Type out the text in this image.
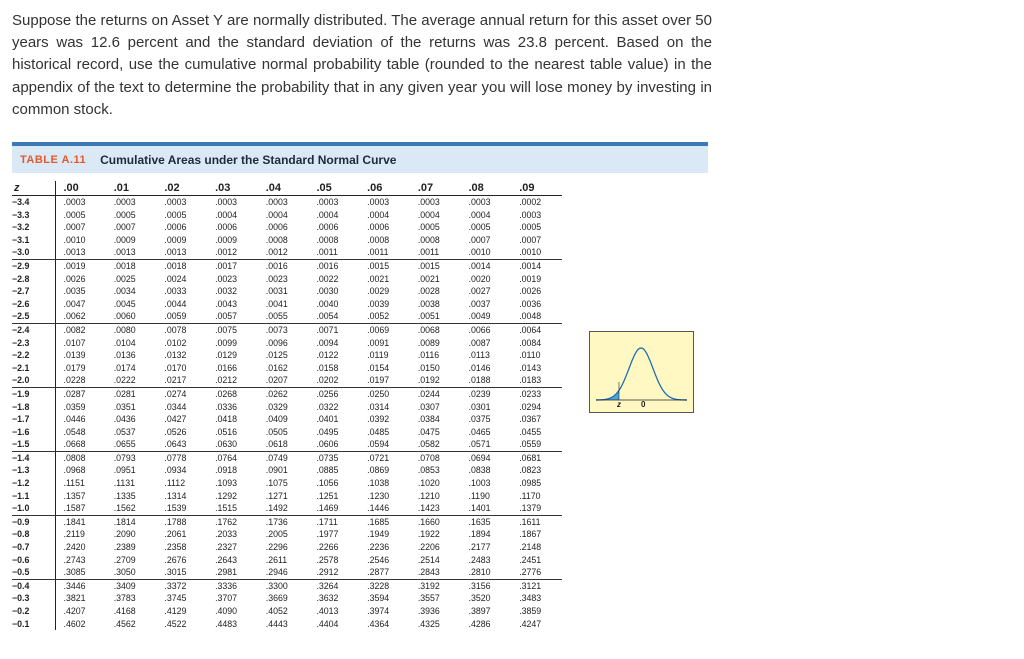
Suppose the returns on Asset Y are normally distributed. The average annual return for this asset over 50 years was 12.6 percent and the standard deviation of the returns was 23.8 percent. Based on the historical record, use the cumulative normal probability table (rounded to the nearest table value) in the appendix of the text to determine the probability that in any given year you will lose money by investing in common stock.
TABLE A.11 Cumulative Areas under the Standard Normal Curve
z	.00	.01	.02	.03	.04	.05	.06	.07	.08	.09
−3.4	.0003	.0003	.0003	.0003	.0003	.0003	.0003	.0003	.0003	.0002
−3.3	.0005	.0005	.0005	.0004	.0004	.0004	.0004	.0004	.0004	.0003
−3.2	.0007	.0007	.0006	.0006	.0006	.0006	.0006	.0005	.0005	.0005
−3.1	.0010	.0009	.0009	.0009	.0008	.0008	.0008	.0008	.0007	.0007
−3.0	.0013	.0013	.0013	.0012	.0012	.0011	.0011	.0011	.0010	.0010
−2.9	.0019	.0018	.0018	.0017	.0016	.0016	.0015	.0015	.0014	.0014
−2.8	.0026	.0025	.0024	.0023	.0023	.0022	.0021	.0021	.0020	.0019
−2.7	.0035	.0034	.0033	.0032	.0031	.0030	.0029	.0028	.0027	.0026
−2.6	.0047	.0045	.0044	.0043	.0041	.0040	.0039	.0038	.0037	.0036
−2.5	.0062	.0060	.0059	.0057	.0055	.0054	.0052	.0051	.0049	.0048
−2.4	.0082	.0080	.0078	.0075	.0073	.0071	.0069	.0068	.0066	.0064
−2.3	.0107	.0104	.0102	.0099	.0096	.0094	.0091	.0089	.0087	.0084
−2.2	.0139	.0136	.0132	.0129	.0125	.0122	.0119	.0116	.0113	.0110
−2.1	.0179	.0174	.0170	.0166	.0162	.0158	.0154	.0150	.0146	.0143
−2.0	.0228	.0222	.0217	.0212	.0207	.0202	.0197	.0192	.0188	.0183
−1.9	.0287	.0281	.0274	.0268	.0262	.0256	.0250	.0244	.0239	.0233
−1.8	.0359	.0351	.0344	.0336	.0329	.0322	.0314	.0307	.0301	.0294
−1.7	.0446	.0436	.0427	.0418	.0409	.0401	.0392	.0384	.0375	.0367
−1.6	.0548	.0537	.0526	.0516	.0505	.0495	.0485	.0475	.0465	.0455
−1.5	.0668	.0655	.0643	.0630	.0618	.0606	.0594	.0582	.0571	.0559
−1.4	.0808	.0793	.0778	.0764	.0749	.0735	.0721	.0708	.0694	.0681
−1.3	.0968	.0951	.0934	.0918	.0901	.0885	.0869	.0853	.0838	.0823
−1.2	.1151	.1131	.1112	.1093	.1075	.1056	.1038	.1020	.1003	.0985
−1.1	.1357	.1335	.1314	.1292	.1271	.1251	.1230	.1210	.1190	.1170
−1.0	.1587	.1562	.1539	.1515	.1492	.1469	.1446	.1423	.1401	.1379
−0.9	.1841	.1814	.1788	.1762	.1736	.1711	.1685	.1660	.1635	.1611
−0.8	.2119	.2090	.2061	.2033	.2005	.1977	.1949	.1922	.1894	.1867
−0.7	.2420	.2389	.2358	.2327	.2296	.2266	.2236	.2206	.2177	.2148
−0.6	.2743	.2709	.2676	.2643	.2611	.2578	.2546	.2514	.2483	.2451
−0.5	.3085	.3050	.3015	.2981	.2946	.2912	.2877	.2843	.2810	.2776
−0.4	.3446	.3409	.3372	.3336	.3300	.3264	.3228	.3192	.3156	.3121
−0.3	.3821	.3783	.3745	.3707	.3669	.3632	.3594	.3557	.3520	.3483
−0.2	.4207	.4168	.4129	.4090	.4052	.4013	.3974	.3936	.3897	.3859
−0.1	.4602	.4562	.4522	.4483	.4443	.4404	.4364	.4325	.4286	.4247
z	0
